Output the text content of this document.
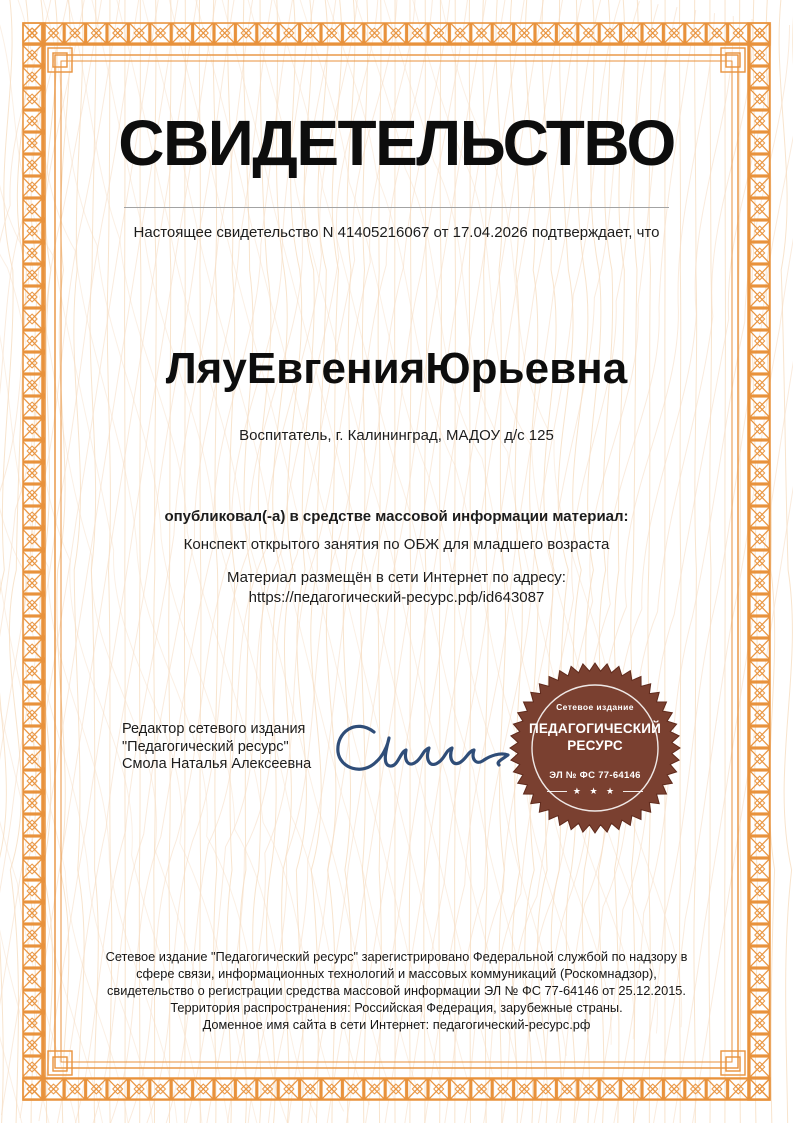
СВИДЕТЕЛЬСТВО
Настоящее свидетельство N 41405216067 от 17.04.2026 подтверждает, что
ЛяуЕвгенияЮрьевна
Воспитатель, г. Калининград, МАДОУ д/с 125
опубликовал(-а) в средстве массовой информации материал:
Конспект открытого занятия по ОБЖ для младшего возраста
Материал размещён в сети Интернет по адресу:
https://педагогический-ресурс.рф/id643087
Редактор сетевого издания
"Педагогический ресурс"
Смола Наталья Алексеевна
Сетевое издание
ПЕДАГОГИЧЕСКИЙ
РЕСУРС
ЭЛ № ФС 77-64146
★ ★ ★
Сетевое издание "Педагогический ресурс" зарегистрировано Федеральной службой по надзору в сфере связи, информационных технологий и массовых коммуникаций (Роскомнадзор), свидетельство о регистрации средства массовой информации ЭЛ № ФС 77-64146 от 25.12.2015. Территория распространения: Российская Федерация, зарубежные страны.
Доменное имя сайта в сети Интернет: педагогический-ресурс.рф
